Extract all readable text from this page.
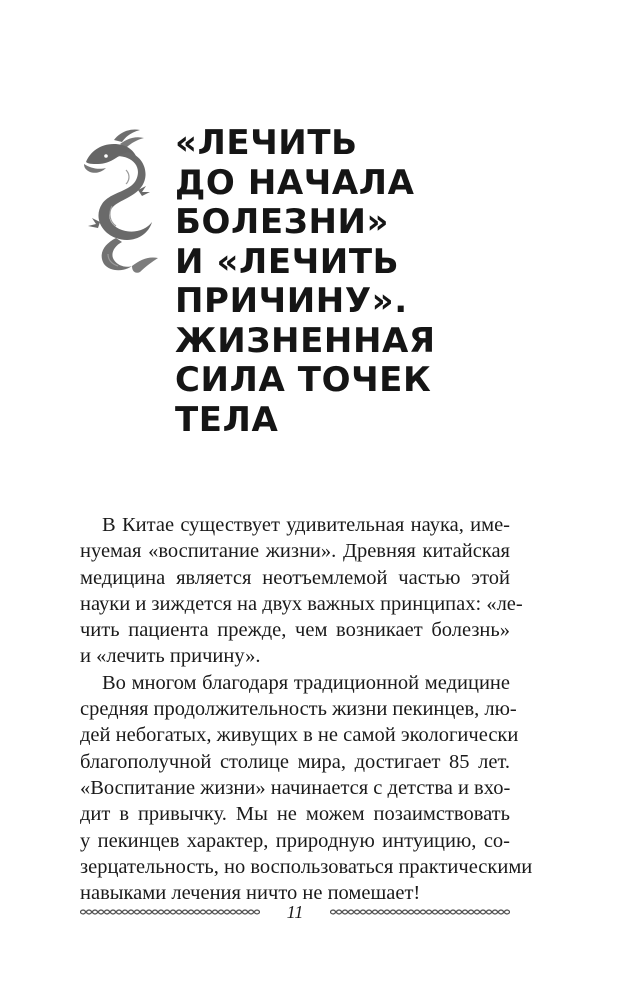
«ЛЕЧИТЬ
ДО НАЧАЛА
БОЛЕЗНИ»
И «ЛЕЧИТЬ
ПРИЧИНУ».
ЖИЗНЕННАЯ
СИЛА ТОЧЕК
ТЕЛА

В Китае существует удивительная наука, име-
нуемая «воспитание жизни». Древняя китайская
медицина является неотъемлемой частью этой
науки и зиждется на двух важных принципах: «ле-
чить пациента прежде, чем возникает болезнь»
и «лечить причину».

Во многом благодаря традиционной медицине
средняя продолжительность жизни пекинцев, лю-
дей небогатых, живущих в не самой экологически
благополучной столице мира, достигает 85 лет.
«Воспитание жизни» начинается с детства и вхо-
дит в привычку. Мы не можем позаимствовать
у пекинцев характер, природную интуицию, со-
зерцательность, но воспользоваться практическими
навыками лечения ничто не помешает!

11
